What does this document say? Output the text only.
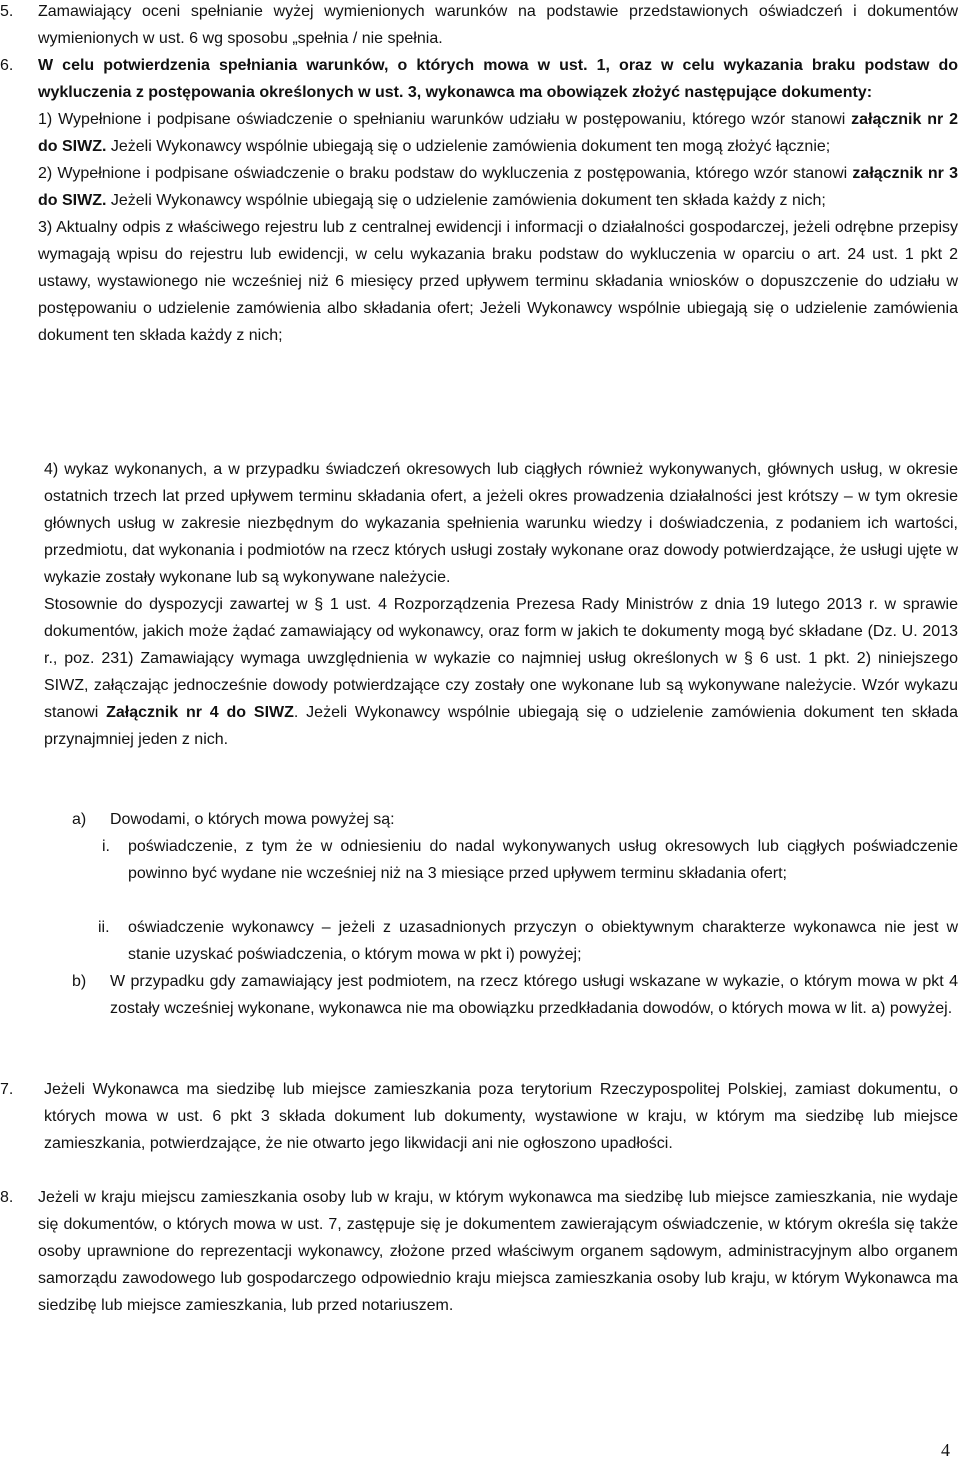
5. Zamawiający oceni spełnianie wyżej wymienionych warunków na podstawie przedstawionych oświadczeń i dokumentów wymienionych w ust. 6 wg sposobu „spełnia / nie spełnia.

6. W celu potwierdzenia spełniania warunków, o których mowa w ust. 1, oraz w celu wykazania braku podstaw do wykluczenia z postępowania określonych w ust. 3, wykonawca ma obowiązek złożyć następujące dokumenty:

1) Wypełnione i podpisane oświadczenie o spełnianiu warunków udziału w postępowaniu, którego wzór stanowi załącznik nr 2 do SIWZ. Jeżeli Wykonawcy wspólnie ubiegają się o udzielenie zamówienia dokument ten mogą złożyć łącznie;

2) Wypełnione i podpisane oświadczenie o braku podstaw do wykluczenia z postępowania, którego wzór stanowi załącznik nr 3 do SIWZ. Jeżeli Wykonawcy wspólnie ubiegają się o udzielenie zamówienia dokument ten składa każdy z nich;

3) Aktualny odpis z właściwego rejestru lub z centralnej ewidencji i informacji o działalności gospodarczej, jeżeli odrębne przepisy wymagają wpisu do rejestru lub ewidencji, w celu wykazania braku podstaw do wykluczenia w oparciu o art. 24 ust. 1 pkt 2 ustawy, wystawionego nie wcześniej niż 6 miesięcy przed upływem terminu składania wniosków o dopuszczenie do udziału w postępowaniu o udzielenie zamówienia albo składania ofert; Jeżeli Wykonawcy wspólnie ubiegają się o udzielenie zamówienia dokument ten składa każdy z nich;

4) wykaz wykonanych, a w przypadku świadczeń okresowych lub ciągłych również wykonywanych, głównych usług, w okresie ostatnich trzech lat przed upływem terminu składania ofert, a jeżeli okres prowadzenia działalności jest krótszy – w tym okresie głównych usług w zakresie niezbędnym do wykazania spełnienia warunku wiedzy i doświadczenia, z podaniem ich wartości, przedmiotu, dat wykonania i podmiotów na rzecz których usługi zostały wykonane oraz dowody potwierdzające, że usługi ujęte w wykazie zostały wykonane lub są wykonywane należycie.

Stosownie do dyspozycji zawartej w § 1 ust. 4 Rozporządzenia Prezesa Rady Ministrów z dnia 19 lutego 2013 r. w sprawie dokumentów, jakich może żądać zamawiający od wykonawcy, oraz form w jakich te dokumenty mogą być składane (Dz. U. 2013 r., poz. 231) Zamawiający wymaga uwzględnienia w wykazie co najmniej usług określonych w § 6 ust. 1 pkt. 2) niniejszego SIWZ, załączając jednocześnie dowody potwierdzające czy zostały one wykonane lub są wykonywane należycie. Wzór wykazu stanowi Załącznik nr 4 do SIWZ. Jeżeli Wykonawcy wspólnie ubiegają się o udzielenie zamówienia dokument ten składa przynajmniej jeden z nich.

a) Dowodami, o których mowa powyżej są:

i. poświadczenie, z tym że w odniesieniu do nadal wykonywanych usług okresowych lub ciągłych poświadczenie powinno być wydane nie wcześniej niż na 3 miesiące przed upływem terminu składania ofert;

ii. oświadczenie wykonawcy – jeżeli z uzasadnionych przyczyn o obiektywnym charakterze wykonawca nie jest w stanie uzyskać poświadczenia, o którym mowa w pkt i) powyżej;

b) W przypadku gdy zamawiający jest podmiotem, na rzecz którego usługi wskazane w wykazie, o którym mowa w pkt 4 zostały wcześniej wykonane, wykonawca nie ma obowiązku przedkładania dowodów, o których mowa w lit. a) powyżej.

7. Jeżeli Wykonawca ma siedzibę lub miejsce zamieszkania poza terytorium Rzeczypospolitej Polskiej, zamiast dokumentu, o których mowa w ust. 6 pkt 3 składa dokument lub dokumenty, wystawione w kraju, w którym ma siedzibę lub miejsce zamieszkania, potwierdzające, że nie otwarto jego likwidacji ani nie ogłoszono upadłości.

8. Jeżeli w kraju miejscu zamieszkania osoby lub w kraju, w którym wykonawca ma siedzibę lub miejsce zamieszkania, nie wydaje się dokumentów, o których mowa w ust. 7, zastępuje się je dokumentem zawierającym oświadczenie, w którym określa się także osoby uprawnione do reprezentacji wykonawcy, złożone przed właściwym organem sądowym, administracyjnym albo organem samorządu zawodowego lub gospodarczego odpowiednio kraju miejsca zamieszkania osoby lub kraju, w którym Wykonawca ma siedzibę lub miejsce zamieszkania, lub przed notariuszem.

4
